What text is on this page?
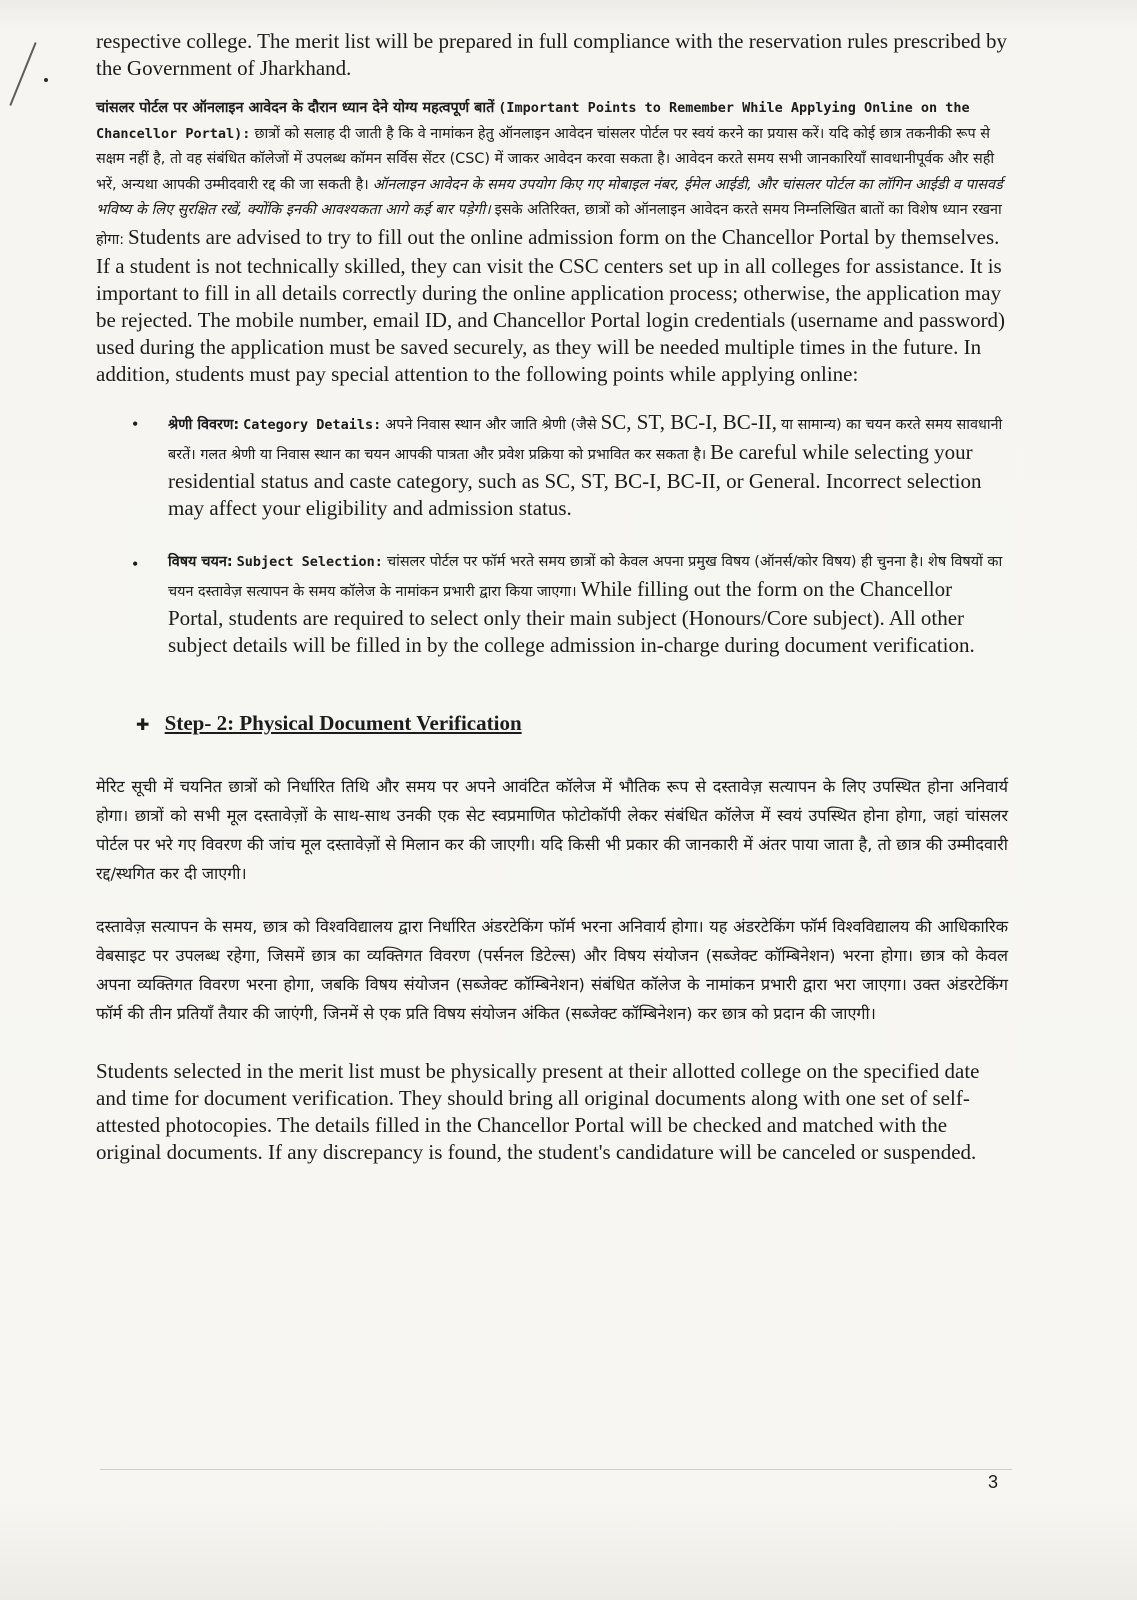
respective college. The merit list will be prepared in full compliance with the reservation rules prescribed by the Government of Jharkhand.

चांसलर पोर्टल पर ऑनलाइन आवेदन के दौरान ध्यान देने योग्य महत्वपूर्ण बातें (Important Points to Remember While Applying Online on the Chancellor Portal): छात्रों को सलाह दी जाती है कि वे नामांकन हेतु ऑनलाइन आवेदन चांसलर पोर्टल पर स्वयं करने का प्रयास करें। यदि कोई छात्र तकनीकी रूप से सक्षम नहीं है, तो वह संबंधित कॉलेजों में उपलब्ध कॉमन सर्विस सेंटर (CSC) में जाकर आवेदन करवा सकता है। आवेदन करते समय सभी जानकारियाँ सावधानीपूर्वक और सही भरें, अन्यथा आपकी उम्मीदवारी रद्द की जा सकती है। ऑनलाइन आवेदन के समय उपयोग किए गए मोबाइल नंबर, ईमेल आईडी, और चांसलर पोर्टल का लॉगिन आईडी व पासवर्ड भविष्य के लिए सुरक्षित रखें, क्योंकि इनकी आवश्यकता आगे कई बार पड़ेगी। इसके अतिरिक्त, छात्रों को ऑनलाइन आवेदन करते समय निम्नलिखित बातों का विशेष ध्यान रखना होगा: Students are advised to try to fill out the online admission form on the Chancellor Portal by themselves. If a student is not technically skilled, they can visit the CSC centers set up in all colleges for assistance. It is important to fill in all details correctly during the online application process; otherwise, the application may be rejected. The mobile number, email ID, and Chancellor Portal login credentials (username and password) used during the application must be saved securely, as they will be needed multiple times in the future. In addition, students must pay special attention to the following points while applying online:

• श्रेणी विवरण: Category Details: अपने निवास स्थान और जाति श्रेणी (जैसे SC, ST, BC-I, BC-II, या सामान्य) का चयन करते समय सावधानी बरतें। गलत श्रेणी या निवास स्थान का चयन आपकी पात्रता और प्रवेश प्रक्रिया को प्रभावित कर सकता है। Be careful while selecting your residential status and caste category, such as SC, ST, BC-I, BC-II, or General. Incorrect selection may affect your eligibility and admission status.
• विषय चयन: Subject Selection: चांसलर पोर्टल पर फॉर्म भरते समय छात्रों को केवल अपना प्रमुख विषय (ऑनर्स/कोर विषय) ही चुनना है। शेष विषयों का चयन दस्तावेज़ सत्यापन के समय कॉलेज के नामांकन प्रभारी द्वारा किया जाएगा। While filling out the form on the Chancellor Portal, students are required to select only their main subject (Honours/Core subject). All other subject details will be filled in by the college admission in-charge during document verification.
✚ Step- 2: Physical Document Verification

मेरिट सूची में चयनित छात्रों को निर्धारित तिथि और समय पर अपने आवंटित कॉलेज में भौतिक रूप से दस्तावेज़ सत्यापन के लिए उपस्थित होना अनिवार्य होगा। छात्रों को सभी मूल दस्तावेज़ों के साथ-साथ उनकी एक सेट स्वप्रमाणित फोटोकॉपी लेकर संबंधित कॉलेज में स्वयं उपस्थित होना होगा, जहां चांसलर पोर्टल पर भरे गए विवरण की जांच मूल दस्तावेज़ों से मिलान कर की जाएगी। यदि किसी भी प्रकार की जानकारी में अंतर पाया जाता है, तो छात्र की उम्मीदवारी रद्द/स्थगित कर दी जाएगी।

दस्तावेज़ सत्यापन के समय, छात्र को विश्वविद्यालय द्वारा निर्धारित अंडरटेकिंग फॉर्म भरना अनिवार्य होगा। यह अंडरटेकिंग फॉर्म विश्वविद्यालय की आधिकारिक वेबसाइट पर उपलब्ध रहेगा, जिसमें छात्र का व्यक्तिगत विवरण (पर्सनल डिटेल्स) और विषय संयोजन (सब्जेक्ट कॉम्बिनेशन) भरना होगा। छात्र को केवल अपना व्यक्तिगत विवरण भरना होगा, जबकि विषय संयोजन (सब्जेक्ट कॉम्बिनेशन) संबंधित कॉलेज के नामांकन प्रभारी द्वारा भरा जाएगा। उक्त अंडरटेकिंग फॉर्म की तीन प्रतियाँ तैयार की जाएंगी, जिनमें से एक प्रति विषय संयोजन अंकित (सब्जेक्ट कॉम्बिनेशन) कर छात्र को प्रदान की जाएगी।

Students selected in the merit list must be physically present at their allotted college on the specified date and time for document verification. They should bring all original documents along with one set of self-attested photocopies. The details filled in the Chancellor Portal will be checked and matched with the original documents. If any discrepancy is found, the student's candidature will be canceled or suspended.

3
